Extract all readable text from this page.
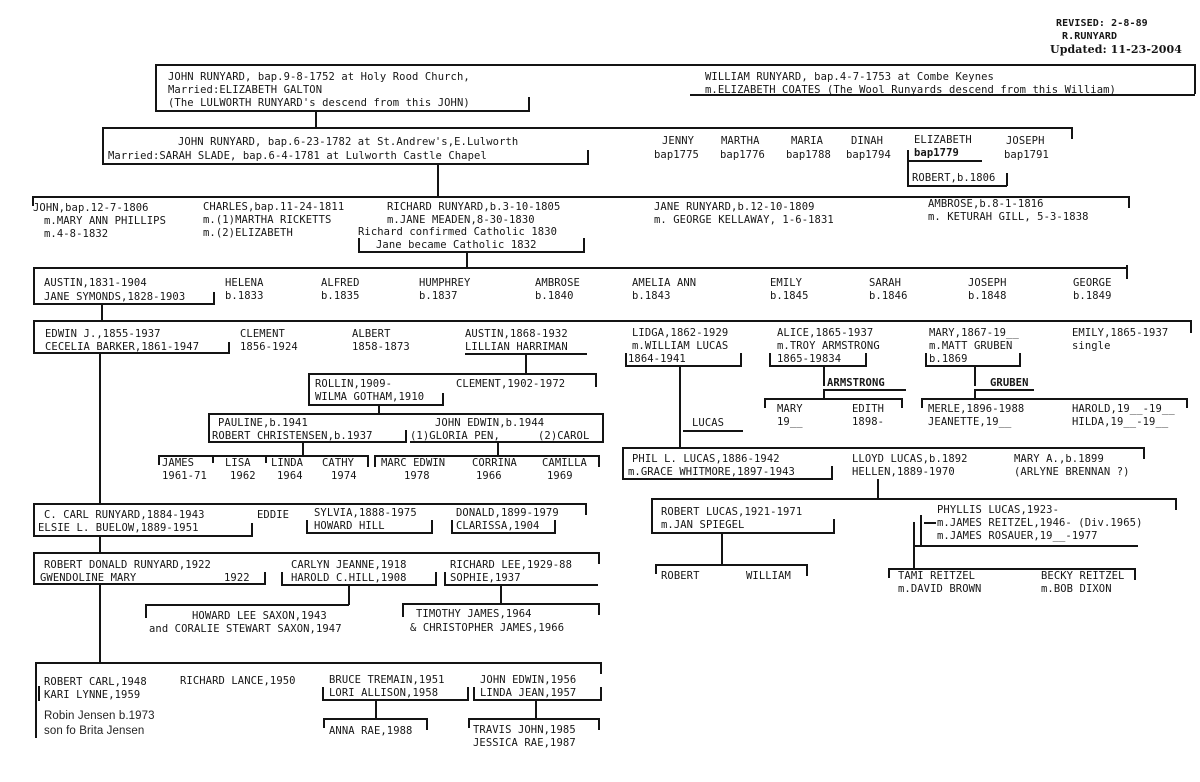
REVISED: 2-8-89
R.RUNYARD
Updated: 11-23-2004
JOHN RUNYARD, bap.9-8-1752 at Holy Rood Church,
Married:ELIZABETH GALTON
(The LULWORTH RUNYARD's descend from this JOHN)
WILLIAM RUNYARD, bap.4-7-1753 at Combe Keynes
m.ELIZABETH COATES (The Wool Runyards descend from this William)
JOHN RUNYARD, bap.6-23-1782 at St.Andrew's,E.Lulworth
Married:SARAH SLADE, bap.6-4-1781 at Lulworth Castle Chapel
JENNY
bap1775
MARTHA
bap1776
MARIA
bap1788
DINAH
bap1794
ELIZABETH
bap1779
ROBERT,b.1806
JOSEPH
bap1791
JOHN,bap.12-7-1806
m.MARY ANN PHILLIPS
m.4-8-1832
CHARLES,bap.11-24-1811
m.(1)MARTHA RICKETTS
m.(2)ELIZABETH
RICHARD RUNYARD,b.3-10-1805
m.JANE MEADEN,8-30-1830
Richard confirmed Catholic 1830
Jane became Catholic 1832
JANE RUNYARD,b.12-10-1809
m. GEORGE KELLAWAY, 1-6-1831
AMBROSE,b.8-1-1816
m. KETURAH GILL, 5-3-1838
AUSTIN,1831-1904
JANE SYMONDS,1828-1903
HELENA
b.1833
ALFRED
b.1835
HUMPHREY
b.1837
AMBROSE
b.1840
AMELIA ANN
b.1843
EMILY
b.1845
SARAH
b.1846
JOSEPH
b.1848
GEORGE
b.1849
EDWIN J.,1855-1937
CECELIA BARKER,1861-1947
CLEMENT
1856-1924
ALBERT
1858-1873
AUSTIN,1868-1932
LILLIAN HARRIMAN
LIDGA,1862-1929
m.WILLIAM LUCAS
1864-1941
ALICE,1865-1937
m.TROY ARMSTRONG
1865-19834
MARY,1867-19__
m.MATT GRUBEN
b.1869
EMILY,1865-1937
single
ROLLIN,1909-
WILMA GOTHAM,1910
CLEMENT,1902-1972
PAULINE,b.1941
ROBERT CHRISTENSEN,b.1937
JOHN EDWIN,b.1944
(1)GLORIA PEN,	(2)CAROL
JAMES
1961-71
LISA
1962
LINDA
1964
CATHY
1974
MARC EDWIN
1978
CORRINA
1966
CAMILLA
1969
ARMSTRONG
MARY
19__
EDITH
1898-
GRUBEN
MERLE,1896-1988
JEANETTE,19__
HAROLD,19__-19__
HILDA,19__-19__
LUCAS
PHIL L. LUCAS,1886-1942
m.GRACE WHITMORE,1897-1943
LLOYD LUCAS,b.1892
HELLEN,1889-1970
MARY A.,b.1899
(ARLYNE BRENNAN ?)
ROBERT LUCAS,1921-1971
m.JAN SPIEGEL
ROBERT	WILLIAM
PHYLLIS LUCAS,1923-
m.JAMES REITZEL,1946- (Div.1965)
m.JAMES ROSAUER,19__-1977
TAMI REITZEL
m.DAVID BROWN
BECKY REITZEL
m.BOB DIXON
C. CARL RUNYARD,1884-1943
ELSIE L. BUELOW,1889-1951
EDDIE SYLVIA,1888-1975
HOWARD HILL
DONALD,1899-1979
CLARISSA,1904
ROBERT DONALD RUNYARD,1922
GWENDOLINE MARY	1922
CARLYN JEANNE,1918
HAROLD C.HILL,1908
RICHARD LEE,1929-88
SOPHIE,1937
HOWARD LEE SAXON,1943
and CORALIE STEWART SAXON,1947
TIMOTHY JAMES,1964
& CHRISTOPHER JAMES,1966
ROBERT CARL,1948
KARI LYNNE,1959
Robin Jensen b.1973
son fo Brita Jensen
RICHARD LANCE,1950	BRUCE TREMAIN,1951
LORI ALLISON,1958
JOHN EDWIN,1956
LINDA JEAN,1957
ANNA RAE,1988	TRAVIS JOHN,1985
JESSICA RAE,1987
